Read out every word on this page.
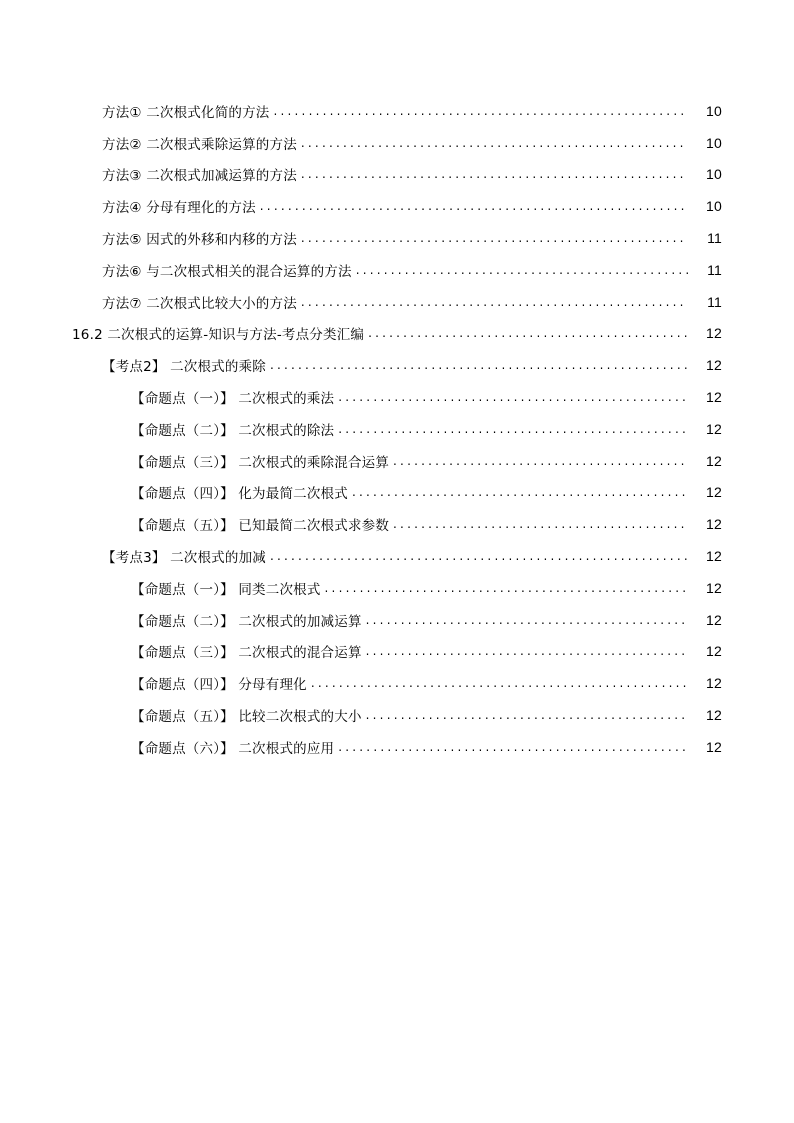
方法① 二次根式化简的方法 .....	10
方法② 二次根式乘除运算的方法 .....	10
方法③ 二次根式加减运算的方法 .....	10
方法④ 分母有理化的方法 .....	10
方法⑤ 因式的外移和内移的方法 .....	11
方法⑥ 与二次根式相关的混合运算的方法 .....	11
方法⑦ 二次根式比较大小的方法 .....	11
16.2 二次根式的运算-知识与方法-考点分类汇编 .....	12
【考点2】 二次根式的乘除 .....	12
【命题点（一）】 二次根式的乘法 .....	12
【命题点（二）】 二次根式的除法 .....	12
【命题点（三）】 二次根式的乘除混合运算 .....	12
【命题点（四）】 化为最简二次根式 .....	12
【命题点（五）】 已知最简二次根式求参数 .....	12
【考点3】 二次根式的加减 .....	12
【命题点（一）】 同类二次根式 .....	12
【命题点（二）】 二次根式的加减运算 .....	12
【命题点（三）】 二次根式的混合运算 .....	12
【命题点（四）】 分母有理化 .....	12
【命题点（五）】 比较二次根式的大小 .....	12
【命题点（六）】 二次根式的应用 .....	12
